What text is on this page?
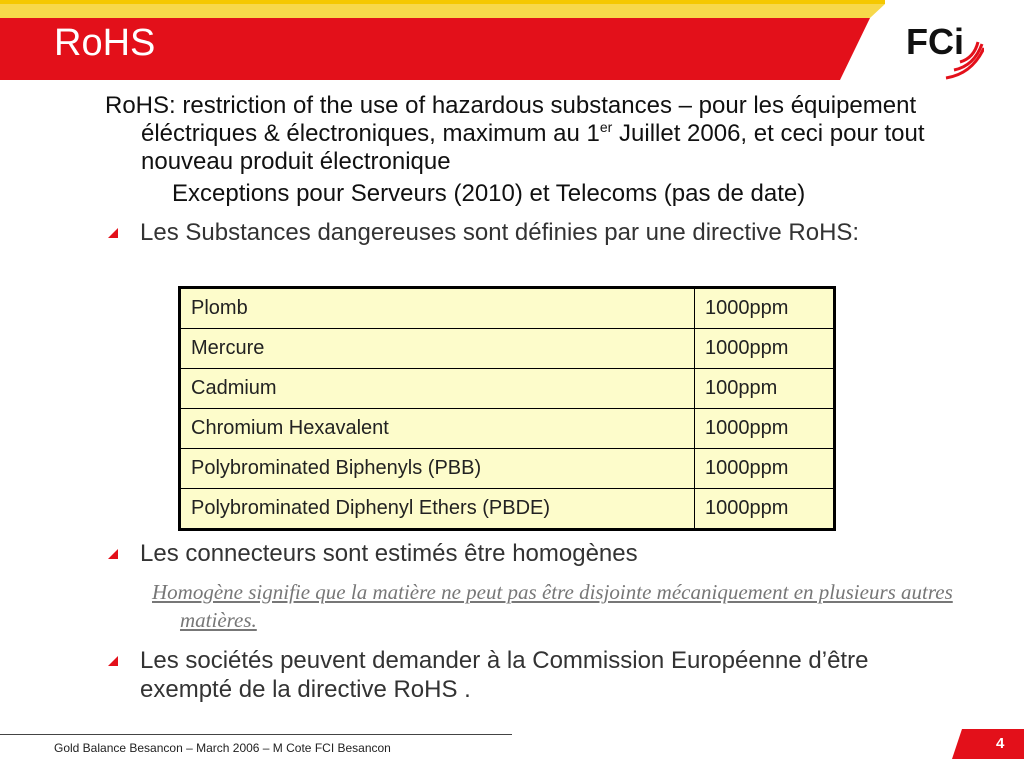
RoHS	FCi
RoHS: restriction of the use of hazardous substances – pour les équipement éléctriques & électroniques, maximum au 1er Juillet 2006, et ceci pour tout nouveau produit électronique
Exceptions pour Serveurs (2010) et Telecoms (pas de date)
Les Substances dangereuses sont définies par une directive RoHS:
Plomb	1000ppm
Mercure	1000ppm
Cadmium	100ppm
Chromium Hexavalent	1000ppm
Polybrominated Biphenyls (PBB)	1000ppm
Polybrominated Diphenyl Ethers (PBDE)	1000ppm
Les connecteurs sont estimés être homogènes
Homogène signifie que la matière ne peut pas être disjointe mécaniquement en plusieurs autres matières.
Les sociétés peuvent demander à la Commission Européenne d’être exempté de la directive RoHS .
Gold Balance Besancon – March 2006 – M Cote FCI Besancon	4
